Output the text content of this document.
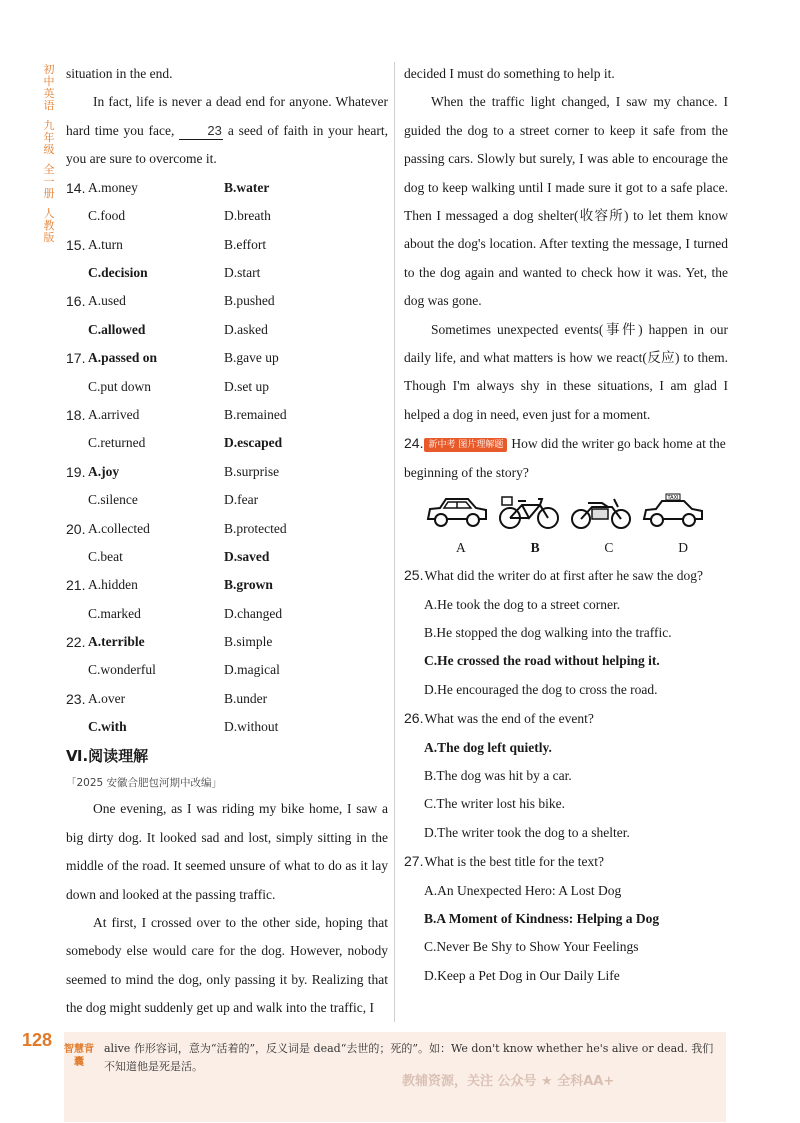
初中英语
九年级
全一册
人教版

situation in the end.

In fact, life is never a dead end for anyone. Whatever hard time you face, 23 a seed of faith in your heart, you are sure to overcome it.

14. A.money	B.water
C.food	D.breath
15. A.turn	B.effort
C.decision	D.start
16. A.used	B.pushed
C.allowed	D.asked
17. A.passed on	B.gave up
C.put down	D.set up
18. A.arrived	B.remained
C.returned	D.escaped
19. A.joy	B.surprise
C.silence	D.fear
20. A.collected	B.protected
C.beat	D.saved
21. A.hidden	B.grown
C.marked	D.changed
22. A.terrible	B.simple
C.wonderful	D.magical
23. A.over	B.under
C.with	D.without
Ⅵ.阅读理解
「2025 安徽合肥包河期中改编」

One evening, as I was riding my bike home, I saw a big dirty dog. It looked sad and lost, simply sitting in the middle of the road. It seemed unsure of what to do as it lay down and looked at the passing traffic.

At first, I crossed over to the other side, hoping that somebody else would care for the dog. However, nobody seemed to mind the dog, only passing it by. Realizing that the dog might suddenly get up and walk into the traffic, I

decided I must do something to help it.

When the traffic light changed, I saw my chance. I guided the dog to a street corner to keep it safe from the passing cars. Slowly but surely, I was able to encourage the dog to keep walking until I made sure it got to a safe place. Then I messaged a dog shelter(收容所) to let them know about the dog's location. After texting the message, I turned to the dog again and wanted to check how it was. Yet, the dog was gone.

Sometimes unexpected events(事件) happen in our daily life, and what matters is how we react(反应) to them. Though I'm always shy in these situations, I am glad I helped a dog in need, even just for a moment.

24. 新中考 图片理解题 How did the writer go back home at the beginning of the story?
TAXI
A	B	C	D
25.What did the writer do at first after he saw the dog?
A.He took the dog to a street corner.
B.He stopped the dog walking into the traffic.
C.He crossed the road without helping it.
D.He encouraged the dog to cross the road.
26.What was the end of the event?
A.The dog left quietly.
B.The dog was hit by a car.
C.The writer lost his bike.
D.The writer took the dog to a shelter.
27.What is the best title for the text?
A.An Unexpected Hero: A Lost Dog
B.A Moment of Kindness: Helping a Dog
C.Never Be Shy to Show Your Feelings
D.Keep a Pet Dog in Our Daily Life
128 智慧背囊
alive 作形容词，意为“活着的”，反义词是 dead“去世的；死的”。如：We don't know whether he's alive or dead. 我们不知道他是死是活。
教辅资源，关注 公众号 ★ 全科AA+
